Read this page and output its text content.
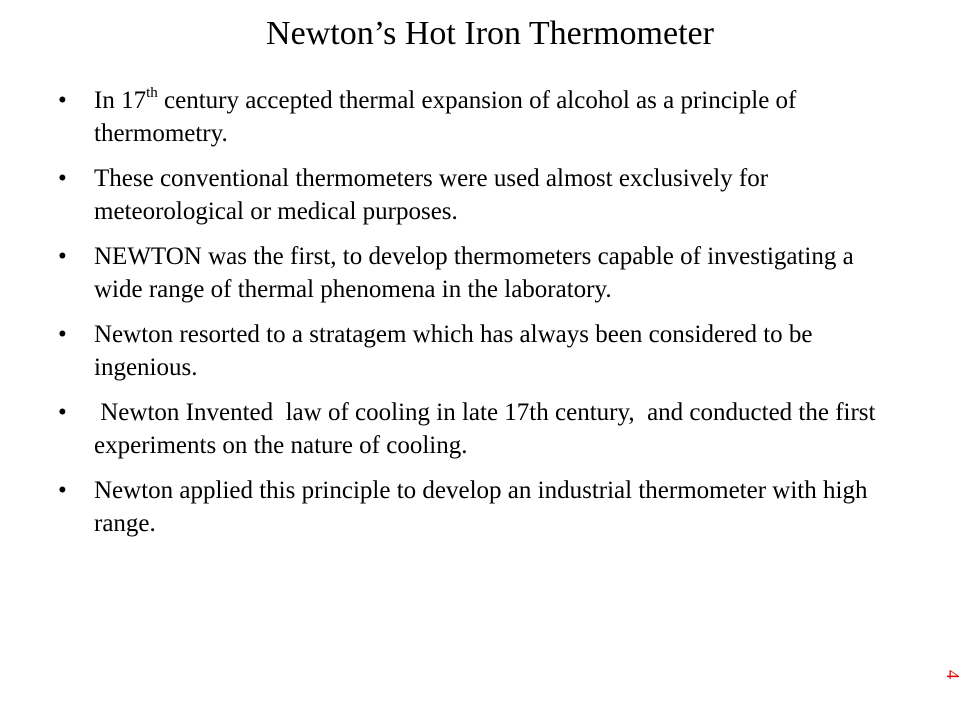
Newton’s Hot Iron Thermometer
•	In 17th century accepted thermal expansion of alcohol as a principle of thermometry.
•	These conventional thermometers were used almost exclusively for meteorological or medical purposes.
•	NEWTON was the first, to develop thermometers capable of investigating a wide range of thermal phenomena in the laboratory.
•	Newton resorted to a stratagem which has always been considered to be ingenious.
•	Newton Invented  law of cooling in late 17th century,  and conducted the first experiments on the nature of cooling.
•	Newton applied this principle to develop an industrial thermometer with high range.
4
